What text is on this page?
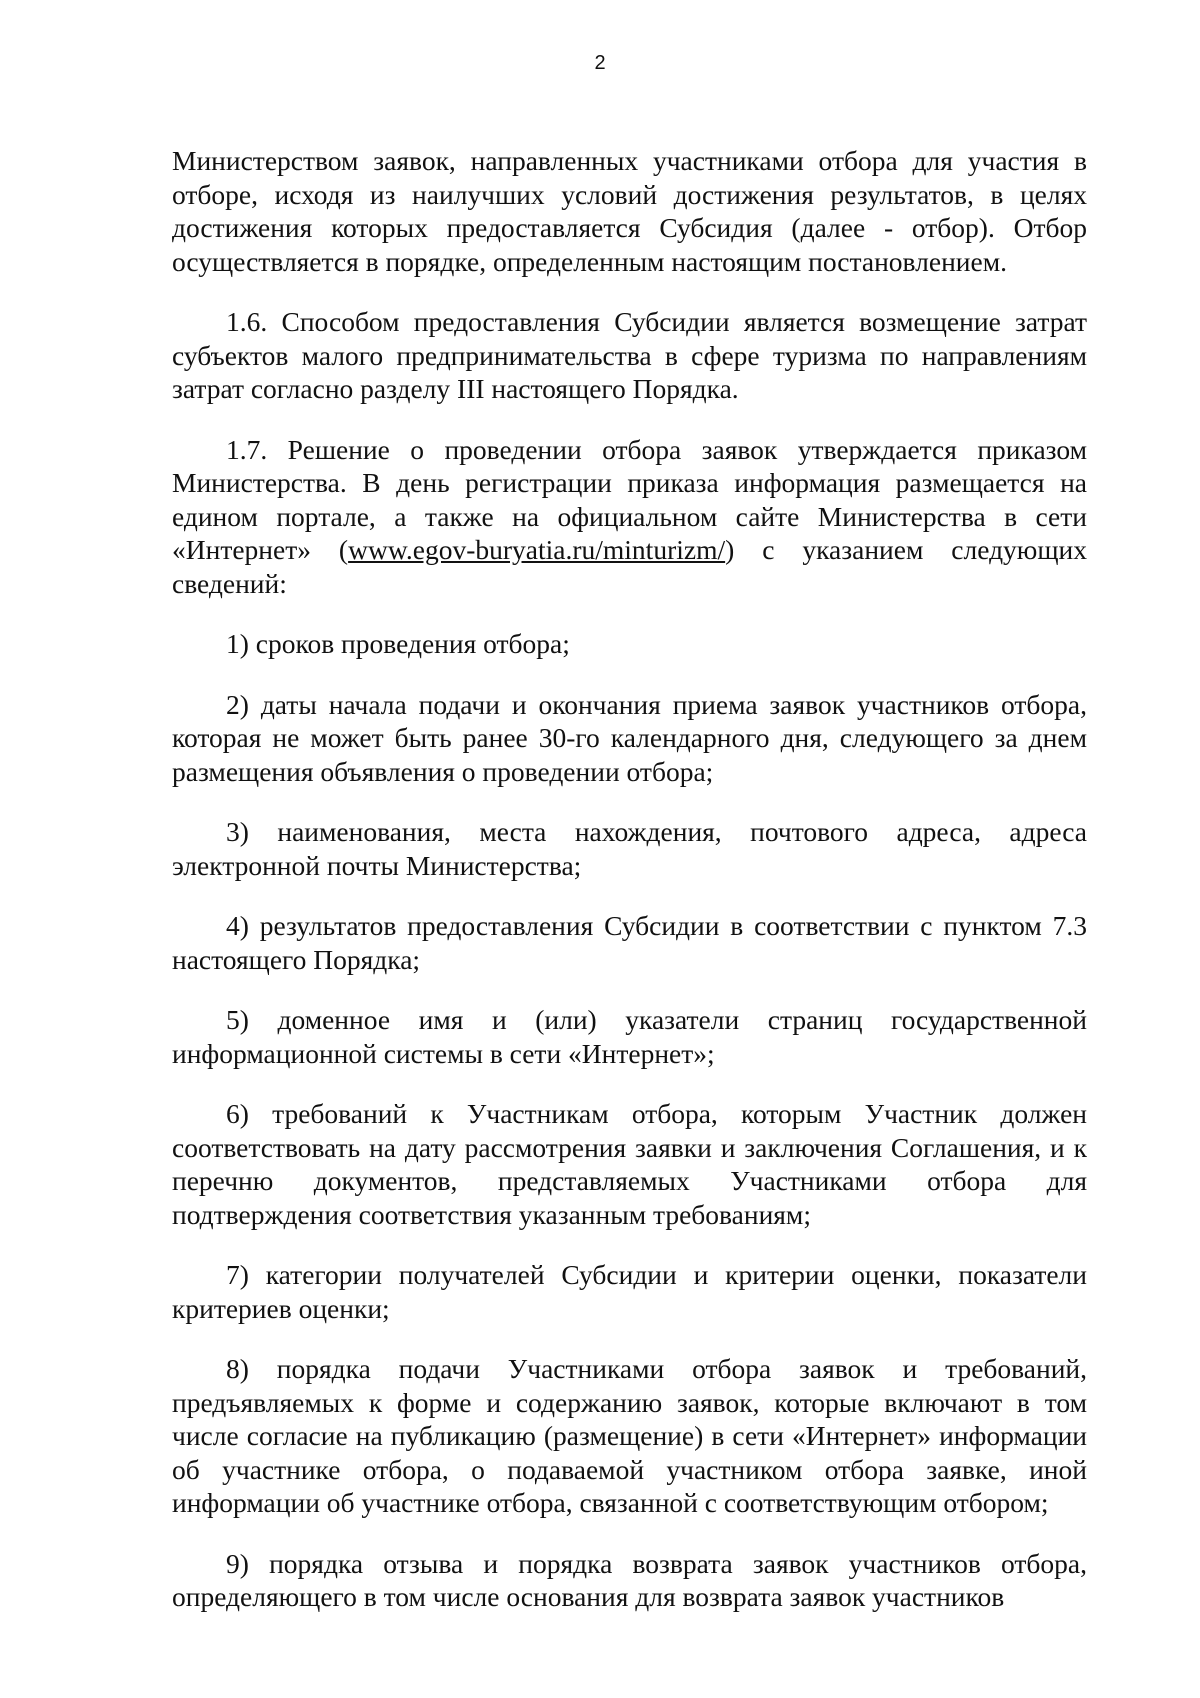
2

Министерством заявок, направленных участниками отбора для участия в отборе, исходя из наилучших условий достижения результатов, в целях достижения которых предоставляется Субсидия (далее - отбор). Отбор осуществляется в порядке, определенным настоящим постановлением.

1.6. Способом предоставления Субсидии является возмещение затрат субъектов малого предпринимательства в сфере туризма по направлениям затрат согласно разделу III настоящего Порядка.

1.7. Решение о проведении отбора заявок утверждается приказом Министерства. В день регистрации приказа информация размещается на едином портале, а также на официальном сайте Министерства в сети «Интернет» (www.egov-buryatia.ru/minturizm/) с указанием следующих сведений:

1) сроков проведения отбора;

2) даты начала подачи и окончания приема заявок участников отбора, которая не может быть ранее 30-го календарного дня, следующего за днем размещения объявления о проведении отбора;

3) наименования, места нахождения, почтового адреса, адреса электронной почты Министерства;

4) результатов предоставления Субсидии в соответствии с пунктом 7.3 настоящего Порядка;

5) доменное имя и (или) указатели страниц государственной информационной системы в сети «Интернет»;

6) требований к Участникам отбора, которым Участник должен соответствовать на дату рассмотрения заявки и заключения Соглашения, и к перечню документов, представляемых Участниками отбора для подтверждения соответствия указанным требованиям;

7) категории получателей Субсидии и критерии оценки, показатели критериев оценки;

8) порядка подачи Участниками отбора заявок и требований, предъявляемых к форме и содержанию заявок, которые включают в том числе согласие на публикацию (размещение) в сети «Интернет» информации об участнике отбора, о подаваемой участником отбора заявке, иной информации об участнике отбора, связанной с соответствующим отбором;

9) порядка отзыва и порядка возврата заявок участников отбора, определяющего в том числе основания для возврата заявок участников
